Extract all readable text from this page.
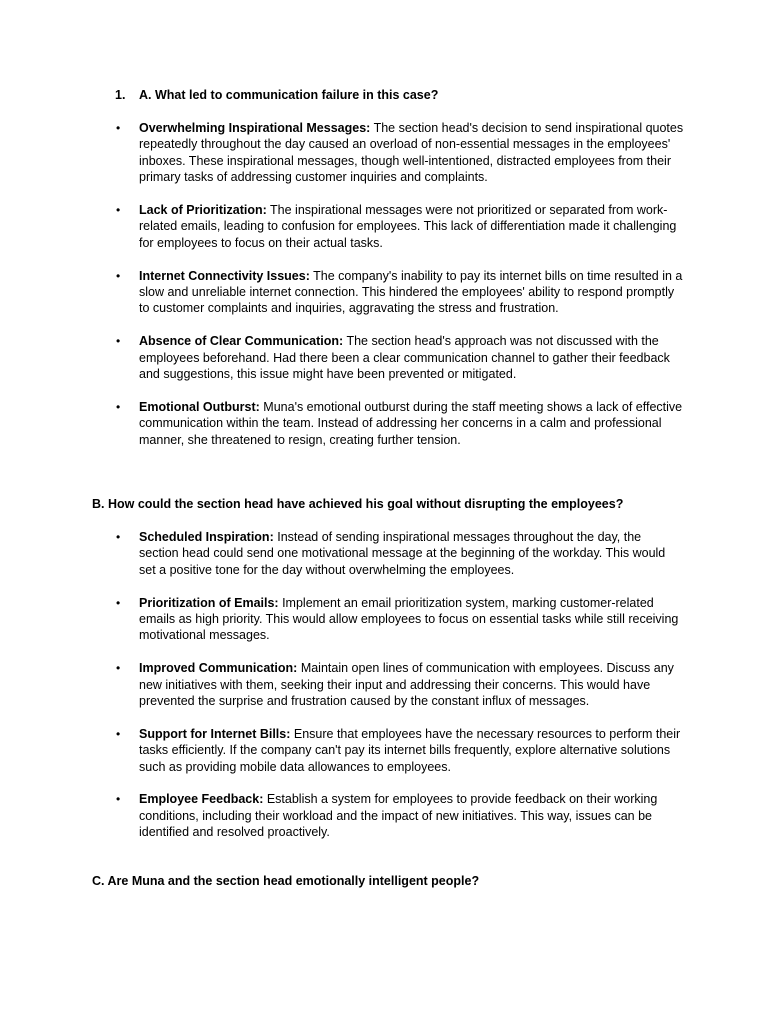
1. A. What led to communication failure in this case?
• Overwhelming Inspirational Messages: The section head's decision to send inspirational quotes repeatedly throughout the day caused an overload of non-essential messages in the employees' inboxes. These inspirational messages, though well-intentioned, distracted employees from their primary tasks of addressing customer inquiries and complaints.
• Lack of Prioritization: The inspirational messages were not prioritized or separated from work-related emails, leading to confusion for employees. This lack of differentiation made it challenging for employees to focus on their actual tasks.
• Internet Connectivity Issues: The company's inability to pay its internet bills on time resulted in a slow and unreliable internet connection. This hindered the employees' ability to respond promptly to customer complaints and inquiries, aggravating the stress and frustration.
• Absence of Clear Communication: The section head's approach was not discussed with the employees beforehand. Had there been a clear communication channel to gather their feedback and suggestions, this issue might have been prevented or mitigated.
• Emotional Outburst: Muna's emotional outburst during the staff meeting shows a lack of effective communication within the team. Instead of addressing her concerns in a calm and professional manner, she threatened to resign, creating further tension.
B. How could the section head have achieved his goal without disrupting the employees?
• Scheduled Inspiration: Instead of sending inspirational messages throughout the day, the section head could send one motivational message at the beginning of the workday. This would set a positive tone for the day without overwhelming the employees.
• Prioritization of Emails: Implement an email prioritization system, marking customer-related emails as high priority. This would allow employees to focus on essential tasks while still receiving motivational messages.
• Improved Communication: Maintain open lines of communication with employees. Discuss any new initiatives with them, seeking their input and addressing their concerns. This would have prevented the surprise and frustration caused by the constant influx of messages.
• Support for Internet Bills: Ensure that employees have the necessary resources to perform their tasks efficiently. If the company can't pay its internet bills frequently, explore alternative solutions such as providing mobile data allowances to employees.
• Employee Feedback: Establish a system for employees to provide feedback on their working conditions, including their workload and the impact of new initiatives. This way, issues can be identified and resolved proactively.
C. Are Muna and the section head emotionally intelligent people?
